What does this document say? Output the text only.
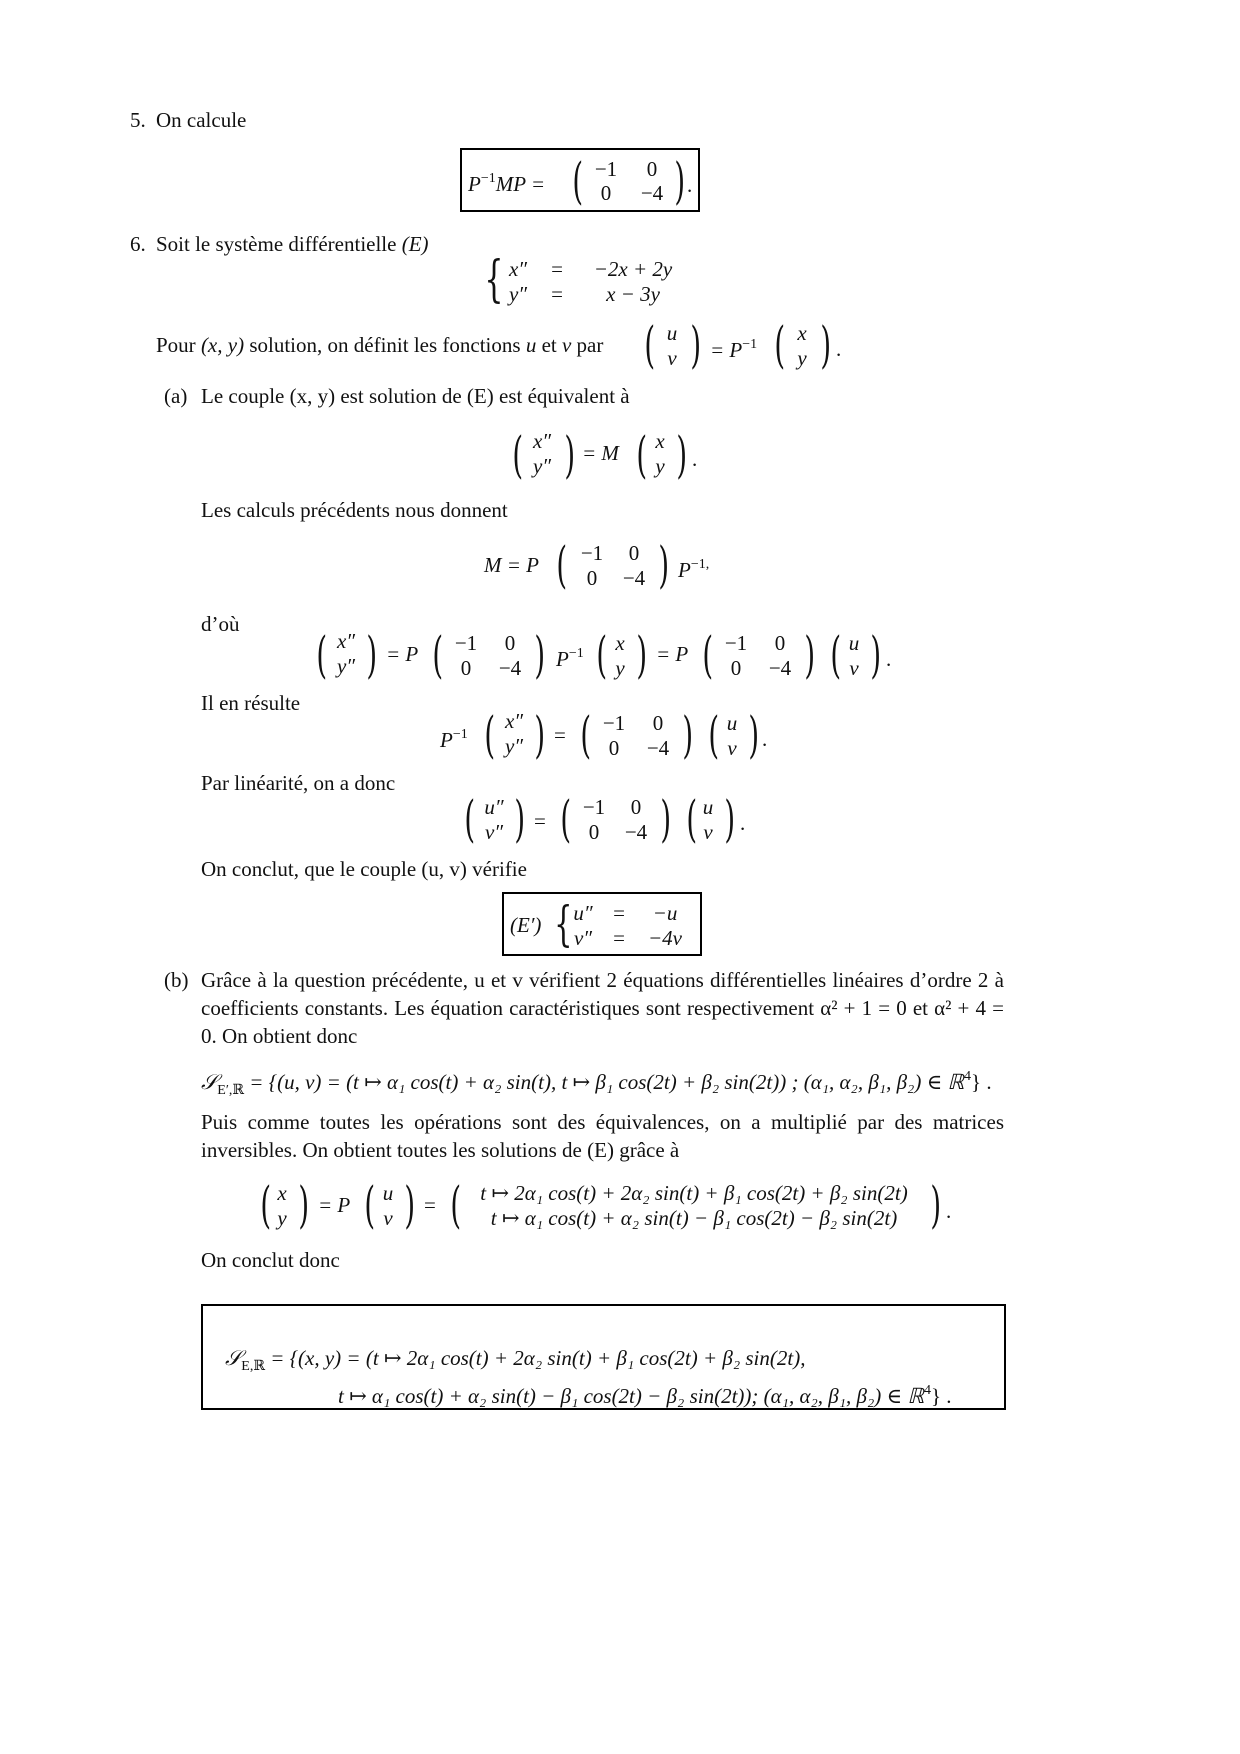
5. On calcule
$P^{-1}MP$ = ( −1	0
0	−4 ) .
6. Soit le système différentielle (E)
{ x″	=	−2x + 2y
y″	=	x − 3y
Pour (x, y) solution, on définit les fonctions u et v par ( u
v ) = $P^{-1}$ ( x
y ) .
(a) Le couple (x, y) est solution de (E) est équivalent à
( x″
y″ ) = M ( x
y ) .
Les calculs précédents nous donnent
M = P ( −1	0
0	−4 ) $P^{-1,}$
d’où
( x″
y″ ) = P ( −1	0
0	−4 ) $P^{-1}$ ( x
y ) = P ( −1	0
0	−4 ) ( u
v ) .
Il en résulte
$P^{-1}$ ( x″
y″ ) = ( −1	0
0	−4 ) ( u
v ) .
Par linéarité, on a donc
( u″
v″ ) = ( −1	0
0	−4 ) ( u
v ) .
On conclut, que le couple (u, v) vérifie
(E′) { u″ =	−u
v″ =	−4v
(b) Grâce à la question précédente, u et v vérifient 2 équations différentielles linéaires d’ordre 2 à coefficients constants. Les équation caractéristiques sont respectivement α² + 1 = 0 et α² + 4 = 0. On obtient donc
𝒮$_{E',ℝ}$ = {(u, v) = (t ↦ α₁ cos(t) + α₂ sin(t), t ↦ β₁ cos(2t) + β₂ sin(2t)) ; (α₁, α₂, β₁, β₂) ∈ ℝ$^4$} .
Puis comme toutes les opérations sont des équivalences, on a multiplié par des matrices inversibles. On obtient toutes les solutions de (E) grâce à
( x
y ) = P ( u
v ) = ( t ↦ 2α₁ cos(t) + 2α₂ sin(t) + β₁ cos(2t) + β₂ sin(2t)
t ↦ α₁ cos(t) + α₂ sin(t) − β₁ cos(2t) − β₂ sin(2t) ) .
On conclut donc
𝒮$_{E,ℝ}$ = {(x, y) = (t ↦ 2α₁ cos(t) + 2α₂ sin(t) + β₁ cos(2t) + β₂ sin(2t),
t ↦ α₁ cos(t) + α₂ sin(t) − β₁ cos(2t) − β₂ sin(2t)); (α₁, α₂, β₁, β₂) ∈ ℝ$^4$} .
